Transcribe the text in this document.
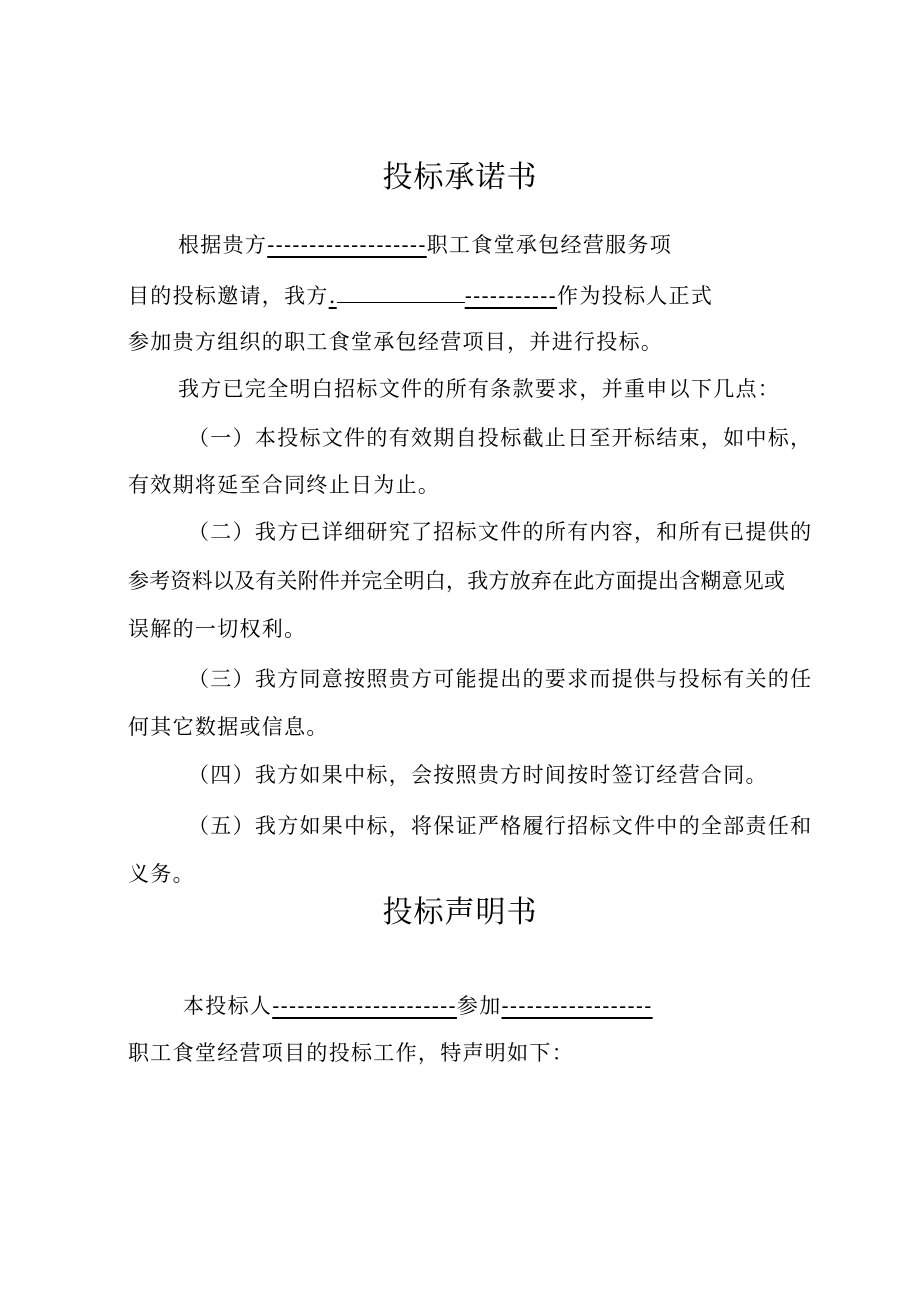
投标承诺书
根据贵方-------------------职工食堂承包经营服务项
目的投标邀请，我方.	-----------作为投标人正式
参加贵方组织的职工食堂承包经营项目，并进行投标。
我方已完全明白招标文件的所有条款要求，并重申以下几点：
（一）本投标文件的有效期自投标截止日至开标结束，如中标，
有效期将延至合同终止日为止。
（二）我方已详细研究了招标文件的所有内容，和所有已提供的
参考资料以及有关附件并完全明白，我方放弃在此方面提出含糊意见或
误解的一切权利。
（三）我方同意按照贵方可能提出的要求而提供与投标有关的任
何其它数据或信息。
（四）我方如果中标，会按照贵方时间按时签订经营合同。
（五）我方如果中标，将保证严格履行招标文件中的全部责任和
义务。
投标声明书
本投标人----------------------参加------------------
职工食堂经营项目的投标工作，特声明如下：
